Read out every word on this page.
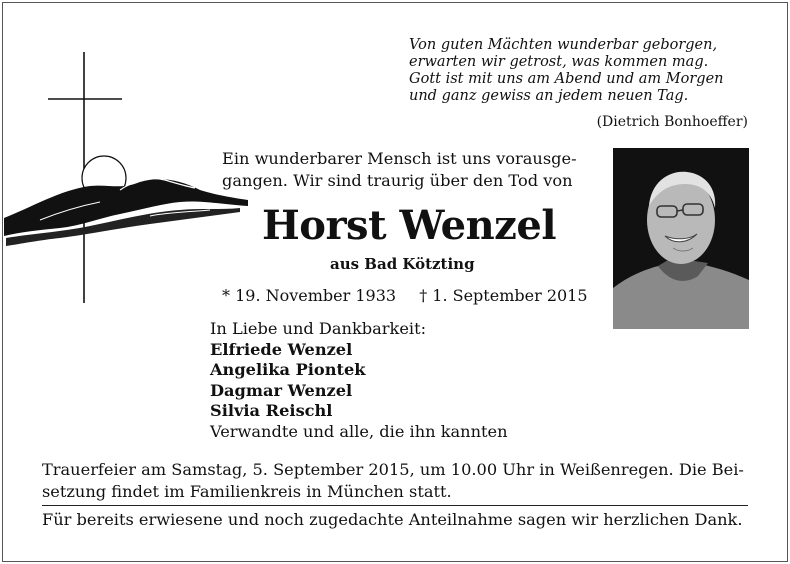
Von guten Mächten wunderbar geborgen,
erwarten wir getrost, was kommen mag.
Gott ist mit uns am Abend und am Morgen
und ganz gewiss an jedem neuen Tag.
(Dietrich Bonhoeffer)
Ein wunderbarer Mensch ist uns vorausge-
gangen. Wir sind traurig über den Tod von
Horst Wenzel
aus Bad Kötzting
* 19. November 1933 † 1. September 2015
In Liebe und Dankbarkeit:
Elfriede Wenzel
Angelika Piontek
Dagmar Wenzel
Silvia Reischl
Verwandte und alle, die ihn kannten
Trauerfeier am Samstag, 5. September 2015, um 10.00 Uhr in Weißenregen. Die Bei-
setzung findet im Familienkreis in München statt.
Für bereits erwiesene und noch zugedachte Anteilnahme sagen wir herzlichen Dank.
